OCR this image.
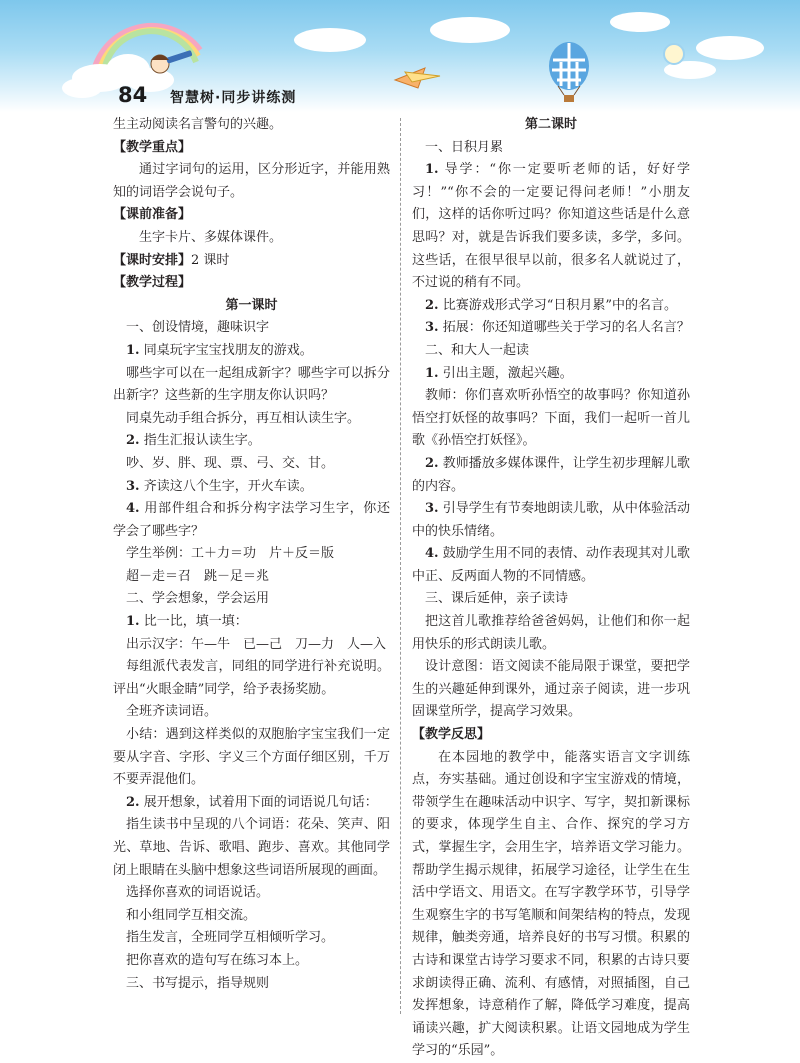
84 智慧树·同步讲练测

生主动阅读名言警句的兴趣。

【教学重点】

通过字词句的运用，区分形近字，并能用熟知的词语学会说句子。

【课前准备】

生字卡片、多媒体课件。

【课时安排】2 课时

【教学过程】

第一课时

一、创设情境，趣味识字

1. 同桌玩字宝宝找朋友的游戏。

哪些字可以在一起组成新字？哪些字可以拆分出新字？这些新的生字朋友你认识吗？

同桌先动手组合拆分，再互相认读生字。

2. 指生汇报认读生字。

吵、岁、胖、现、票、弓、交、甘。

3. 齐读这八个生字，开火车读。

4. 用部件组合和拆分构字法学习生字，你还学会了哪些字？

学生举例：工＋力＝功　片＋反＝版

超－走＝召　跳－足＝兆

二、学会想象，学会运用

1. 比一比，填一填：

出示汉字：午—牛　已—己　刀—力　人—入

每组派代表发言，同组的同学进行补充说明。评出“火眼金睛”同学，给予表扬奖励。

全班齐读词语。

小结：遇到这样类似的双胞胎字宝宝我们一定要从字音、字形、字义三个方面仔细区别，千万不要弄混他们。

2. 展开想象，试着用下面的词语说几句话：

指生读书中呈现的八个词语：花朵、笑声、阳光、草地、告诉、歌唱、跑步、喜欢。其他同学闭上眼睛在头脑中想象这些词语所展现的画面。

选择你喜欢的词语说话。

和小组同学互相交流。

指生发言，全班同学互相倾听学习。

把你喜欢的造句写在练习本上。

三、书写提示，指导规则

第二课时

一、日积月累

1. 导学：“你一定要听老师的话，好好学习！”“你不会的一定要记得问老师！”小朋友们，这样的话你听过吗？你知道这些话是什么意思吗？对，就是告诉我们要多读，多学，多问。这些话，在很早很早以前，很多名人就说过了，不过说的稍有不同。

2. 比赛游戏形式学习“日积月累”中的名言。

3. 拓展：你还知道哪些关于学习的名人名言？

二、和大人一起读

1. 引出主题，激起兴趣。

教师：你们喜欢听孙悟空的故事吗？你知道孙悟空打妖怪的故事吗？下面，我们一起听一首儿歌《孙悟空打妖怪》。

2. 教师播放多媒体课件，让学生初步理解儿歌的内容。

3. 引导学生有节奏地朗读儿歌，从中体验活动中的快乐情绪。

4. 鼓励学生用不同的表情、动作表现其对儿歌中正、反两面人物的不同情感。

三、课后延伸，亲子读诗

把这首儿歌推荐给爸爸妈妈，让他们和你一起用快乐的形式朗读儿歌。

设计意图：语文阅读不能局限于课堂，要把学生的兴趣延伸到课外，通过亲子阅读，进一步巩固课堂所学，提高学习效果。

【教学反思】

在本园地的教学中，能落实语言文字训练点，夯实基础。通过创设和字宝宝游戏的情境，带领学生在趣味活动中识字、写字，契扣新课标的要求，体现学生自主、合作、探究的学习方式，掌握生字，会用生字，培养语文学习能力。帮助学生揭示规律，拓展学习途径，让学生在生活中学语文、用语文。在写字教学环节，引导学生观察生字的书写笔顺和间架结构的特点，发现规律，触类旁通，培养良好的书写习惯。积累的古诗和课堂古诗学习要求不同，积累的古诗只要求朗读得正确、流利、有感情，对照插图，自己发挥想象，诗意稍作了解，降低学习难度，提高诵读兴趣，扩大阅读积累。让语文园地成为学生学习的“乐园”。
